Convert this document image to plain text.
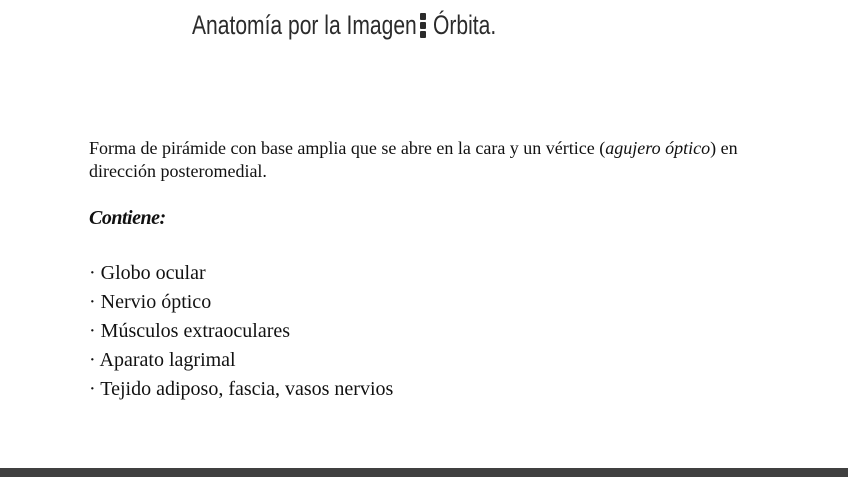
Anatomía por la Imagen Órbita.
Forma de pirámide con base amplia que se abre en la cara y un vértice (agujero óptico) en dirección posteromedial.
Contiene:
· Globo ocular
· Nervio óptico
· Músculos extraoculares
· Aparato lagrimal
· Tejido adiposo, fascia, vasos nervios
